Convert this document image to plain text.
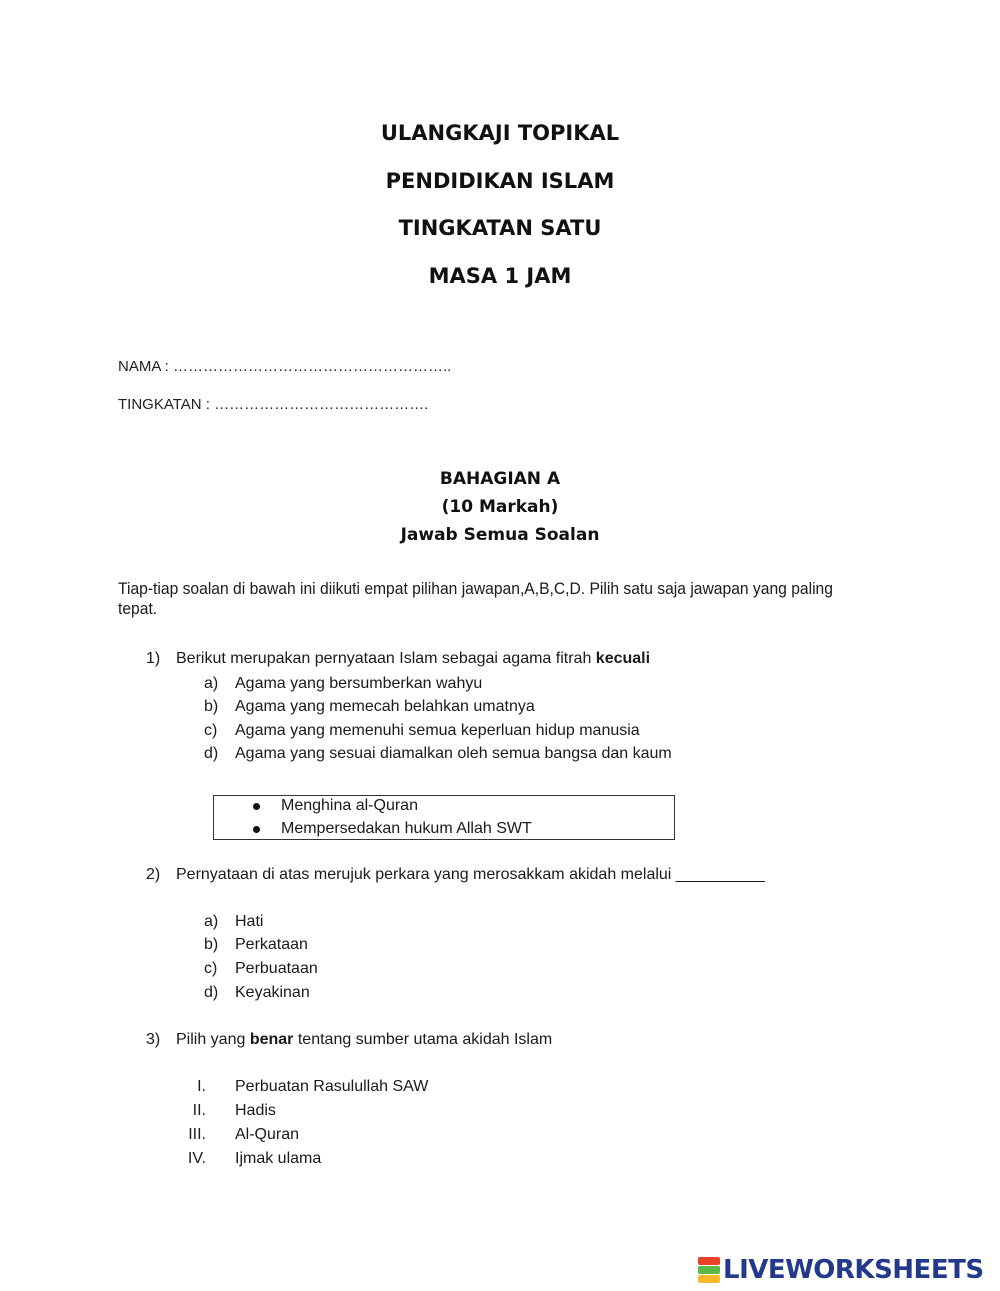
ULANGKAJI TOPIKAL
PENDIDIKAN ISLAM
TINGKATAN SATU
MASA 1 JAM
NAMA : ………………………………………………..
TINGKATAN : …………………………………….
BAHAGIAN A
(10 Markah)
Jawab Semua Soalan
Tiap-tiap soalan di bawah ini diikuti empat pilihan jawapan,A,B,C,D. Pilih satu saja jawapan yang paling
tepat.
1) Berikut merupakan pernyataan Islam sebagai agama fitrah kecuali
a) Agama yang bersumberkan wahyu
b) Agama yang memecah belahkan umatnya
c) Agama yang memenuhi semua keperluan hidup manusia
d) Agama yang sesuai diamalkan oleh semua bangsa dan kaum
Menghina al-Quran
Mempersedakan hukum Allah SWT
2) Pernyataan di atas merujuk perkara yang merosakkam akidah melalui __________
a) Hati
b) Perkataan
c) Perbuataan
d) Keyakinan
3) Pilih yang benar tentang sumber utama akidah Islam
I. Perbuatan Rasulullah SAW
II. Hadis
III. Al-Quran
IV. Ijmak ulama
LIVEWORKSHEETS
